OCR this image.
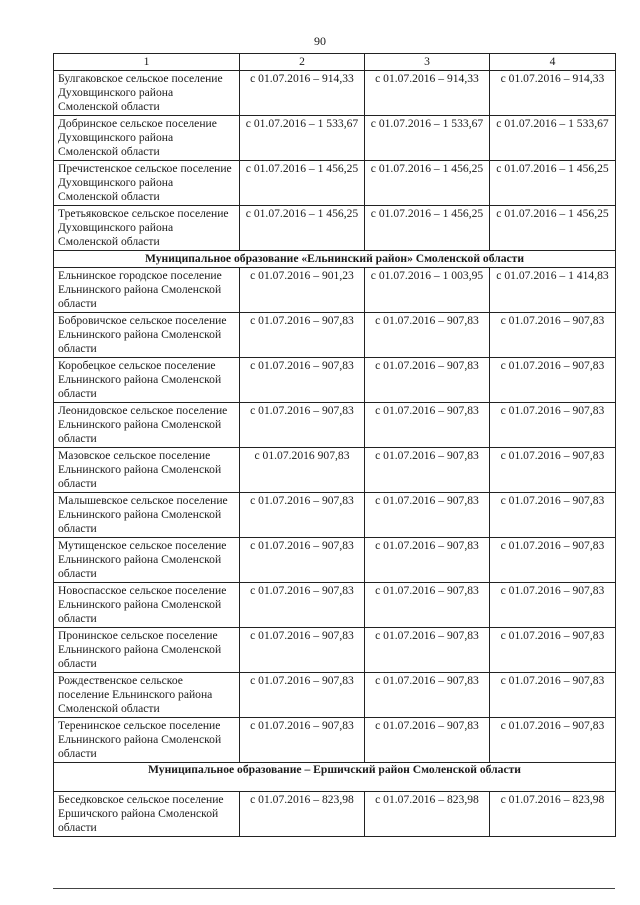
90
1	2	3	4
Булгаковское сельское поселение Духовщинского района Смоленской области	с 01.07.2016 – 914,33	с 01.07.2016 – 914,33	с 01.07.2016 – 914,33
Добринское сельское поселение Духовщинского района Смоленской области	с 01.07.2016 – 1 533,67	с 01.07.2016 – 1 533,67	с 01.07.2016 – 1 533,67
Пречистенское сельское поселение Духовщинского района Смоленской области	с 01.07.2016 – 1 456,25	с 01.07.2016 – 1 456,25	с 01.07.2016 – 1 456,25
Третьяковское сельское поселение Духовщинского района Смоленской области	с 01.07.2016 – 1 456,25	с 01.07.2016 – 1 456,25	с 01.07.2016 – 1 456,25
Муниципальное образование «Ельнинский район» Смоленской области			
Ельнинское городское поселение Ельнинского района Смоленской области	с 01.07.2016 – 901,23	с 01.07.2016 – 1 003,95	с 01.07.2016 – 1 414,83
Бобровичское сельское поселение Ельнинского района Смоленской области	с 01.07.2016 – 907,83	с 01.07.2016 – 907,83	с 01.07.2016 – 907,83
Коробецкое сельское поселение Ельнинского района Смоленской области	с 01.07.2016 – 907,83	с 01.07.2016 – 907,83	с 01.07.2016 – 907,83
Леонидовское сельское поселение Ельнинского района Смоленской области	с 01.07.2016 – 907,83	с 01.07.2016 – 907,83	с 01.07.2016 – 907,83
Мазовское сельское поселение Ельнинского района Смоленской области	с 01.07.2016 907,83	с 01.07.2016 – 907,83	с 01.07.2016 – 907,83
Малышевское сельское поселение Ельнинского района Смоленской области	с 01.07.2016 – 907,83	с 01.07.2016 – 907,83	с 01.07.2016 – 907,83
Мутищенское сельское поселение Ельнинского района Смоленской области	с 01.07.2016 – 907,83	с 01.07.2016 – 907,83	с 01.07.2016 – 907,83
Новоспасское сельское поселение Ельнинского района Смоленской области	с 01.07.2016 – 907,83	с 01.07.2016 – 907,83	с 01.07.2016 – 907,83
Пронинское сельское поселение Ельнинского района Смоленской области	с 01.07.2016 – 907,83	с 01.07.2016 – 907,83	с 01.07.2016 – 907,83
Рождественское сельское поселение Ельнинского района Смоленской области	с 01.07.2016 – 907,83	с 01.07.2016 – 907,83	с 01.07.2016 – 907,83
Теренинское сельское поселение Ельнинского района Смоленской области	с 01.07.2016 – 907,83	с 01.07.2016 – 907,83	с 01.07.2016 – 907,83
Муниципальное образование – Ершичский район Смоленской области			
Беседковское сельское поселение Ершичского района Смоленской области	с 01.07.2016 – 823,98	с 01.07.2016 – 823,98	с 01.07.2016 – 823,98
